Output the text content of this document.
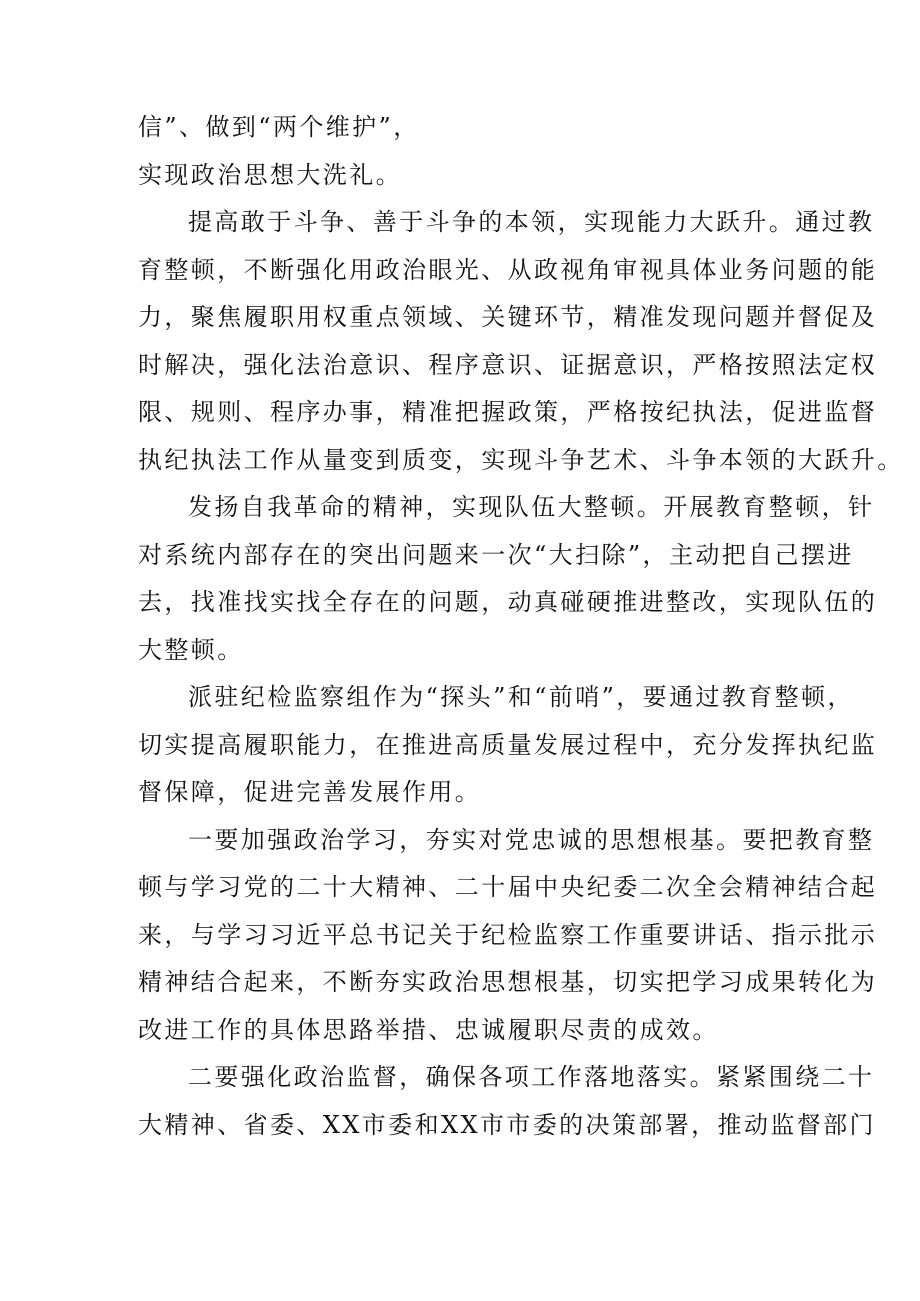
信”、做到“两个维护”，
实现政治思想大洗礼。
提高敢于斗争、善于斗争的本领，实现能力大跃升。通过教
育整顿，不断强化用政治眼光、从政视角审视具体业务问题的能
力，聚焦履职用权重点领域、关键环节，精准发现问题并督促及
时解决，强化法治意识、程序意识、证据意识，严格按照法定权
限、规则、程序办事，精准把握政策，严格按纪执法，促进监督
执纪执法工作从量变到质变，实现斗争艺术、斗争本领的大跃升。
发扬自我革命的精神，实现队伍大整顿。开展教育整顿，针
对系统内部存在的突出问题来一次“大扫除”，主动把自己摆进
去，找准找实找全存在的问题，动真碰硬推进整改，实现队伍的
大整顿。
派驻纪检监察组作为“探头”和“前哨”，要通过教育整顿，
切实提高履职能力，在推进高质量发展过程中，充分发挥执纪监
督保障，促进完善发展作用。
一要加强政治学习，夯实对党忠诚的思想根基。要把教育整
顿与学习党的二十大精神、二十届中央纪委二次全会精神结合起
来，与学习习近平总书记关于纪检监察工作重要讲话、指示批示
精神结合起来，不断夯实政治思想根基，切实把学习成果转化为
改进工作的具体思路举措、忠诚履职尽责的成效。
二要强化政治监督，确保各项工作落地落实。紧紧围绕二十
大精神、省委、XX市委和XX市市委的决策部署，推动监督部门
